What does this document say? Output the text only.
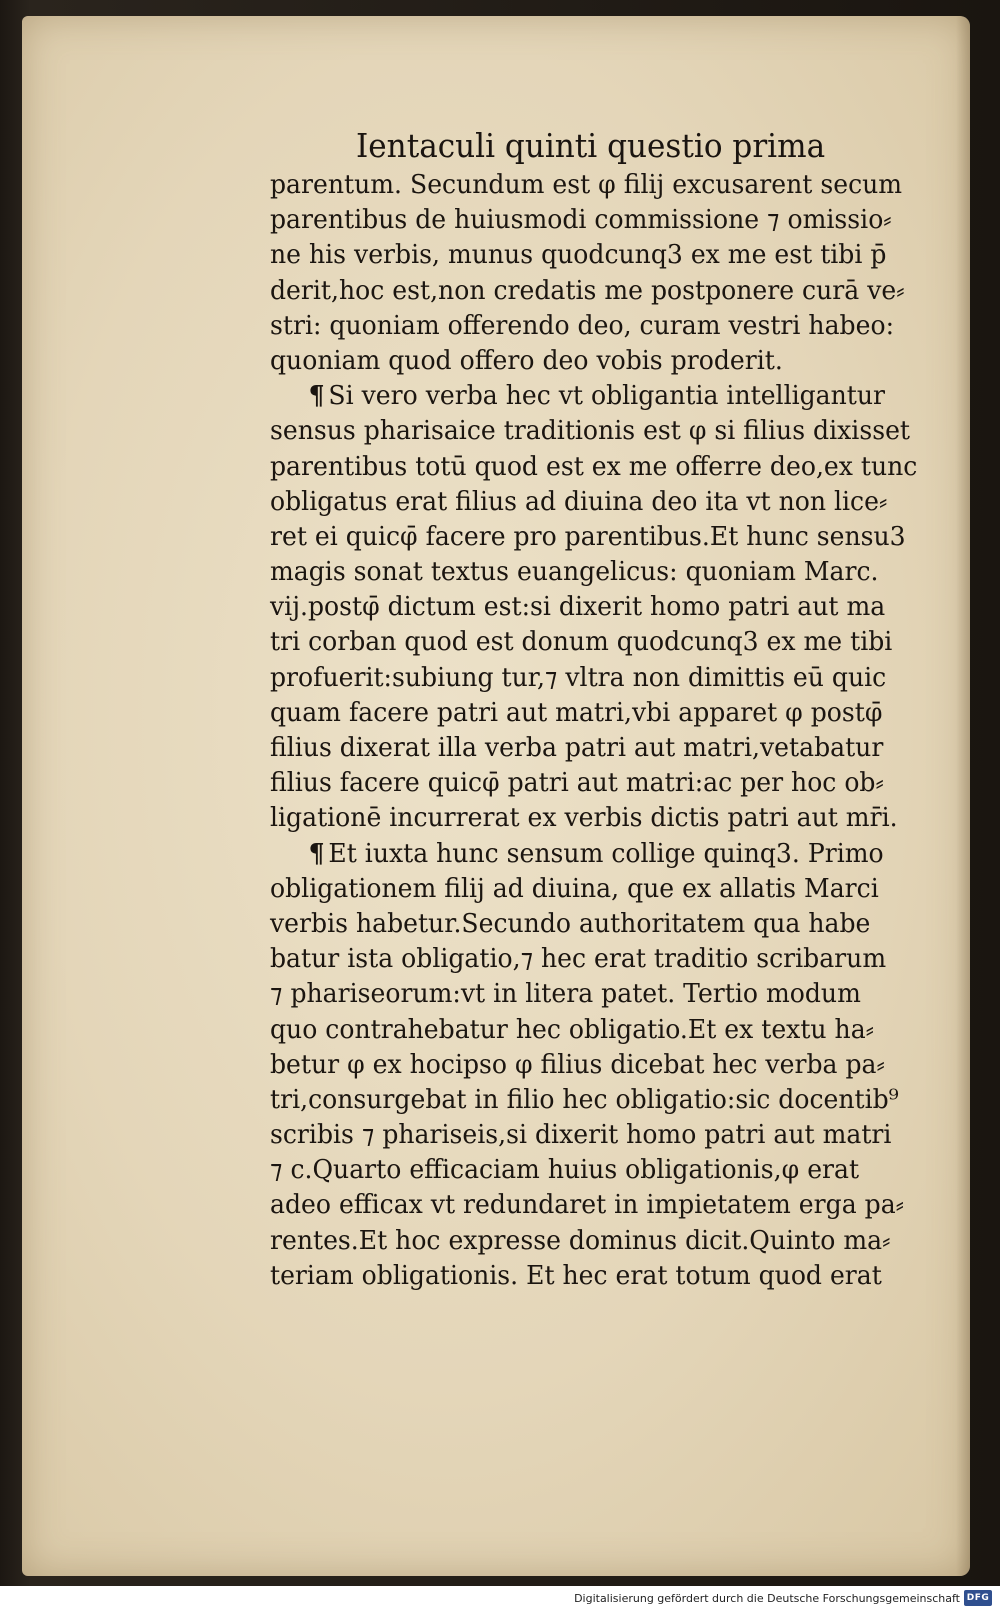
Ientaculi quinti questio prima
parentum. Secundum est φ filij excusarent secum
parentibus de huiusmodi commissione ⁊ omissio⸗
ne his verbis, munus quodcunq3 ex me est tibi p̄
derit,hoc est,non credatis me postponere curā ve⸗
stri: quoniam offerendo deo, curam vestri habeo:
quoniam quod offero deo vobis proderit.
¶ Si vero verba hec vt obligantia intelligantur
sensus pharisaice traditionis est φ si filius dixisset
parentibus totū quod est ex me offerre deo,ex tunc
obligatus erat filius ad diuina deo ita vt non lice⸗
ret ei quicφ̄ facere pro parentibus.Et hunc sensu3
magis sonat textus euangelicus: quoniam Marc.
vij.postφ̄ dictum est:si dixerit homo patri aut ma
tri corban quod est donum quodcunq3 ex me tibi
profuerit:subiung tur,⁊ vltra non dimittis eū quic
quam facere patri aut matri,vbi apparet φ postφ̄
filius dixerat illa verba patri aut matri,vetabatur
filius facere quicφ̄ patri aut matri:ac per hoc ob⸗
ligationē incurrerat ex verbis dictis patri aut mr̄i.
¶ Et iuxta hunc sensum collige quinq3. Primo
obligationem filij ad diuina, que ex allatis Marci
verbis habetur.Secundo authoritatem qua habe
batur ista obligatio,⁊ hec erat traditio scribarum
⁊ phariseorum:vt in litera patet. Tertio modum
quo contrahebatur hec obligatio.Et ex textu ha⸗
betur φ ex hocipso φ filius dicebat hec verba pa⸗
tri,consurgebat in filio hec obligatio:sic docentib⁹
scribis ⁊ phariseis,si dixerit homo patri aut matri
⁊ c.Quarto efficaciam huius obligationis,φ erat
adeo efficax vt redundaret in impietatem erga pa⸗
rentes.Et hoc expresse dominus dicit.Quinto ma⸗
teriam obligationis. Et hec erat totum quod erat
Digitalisierung gefördert durch die Deutsche Forschungsgemeinschaft DFG
